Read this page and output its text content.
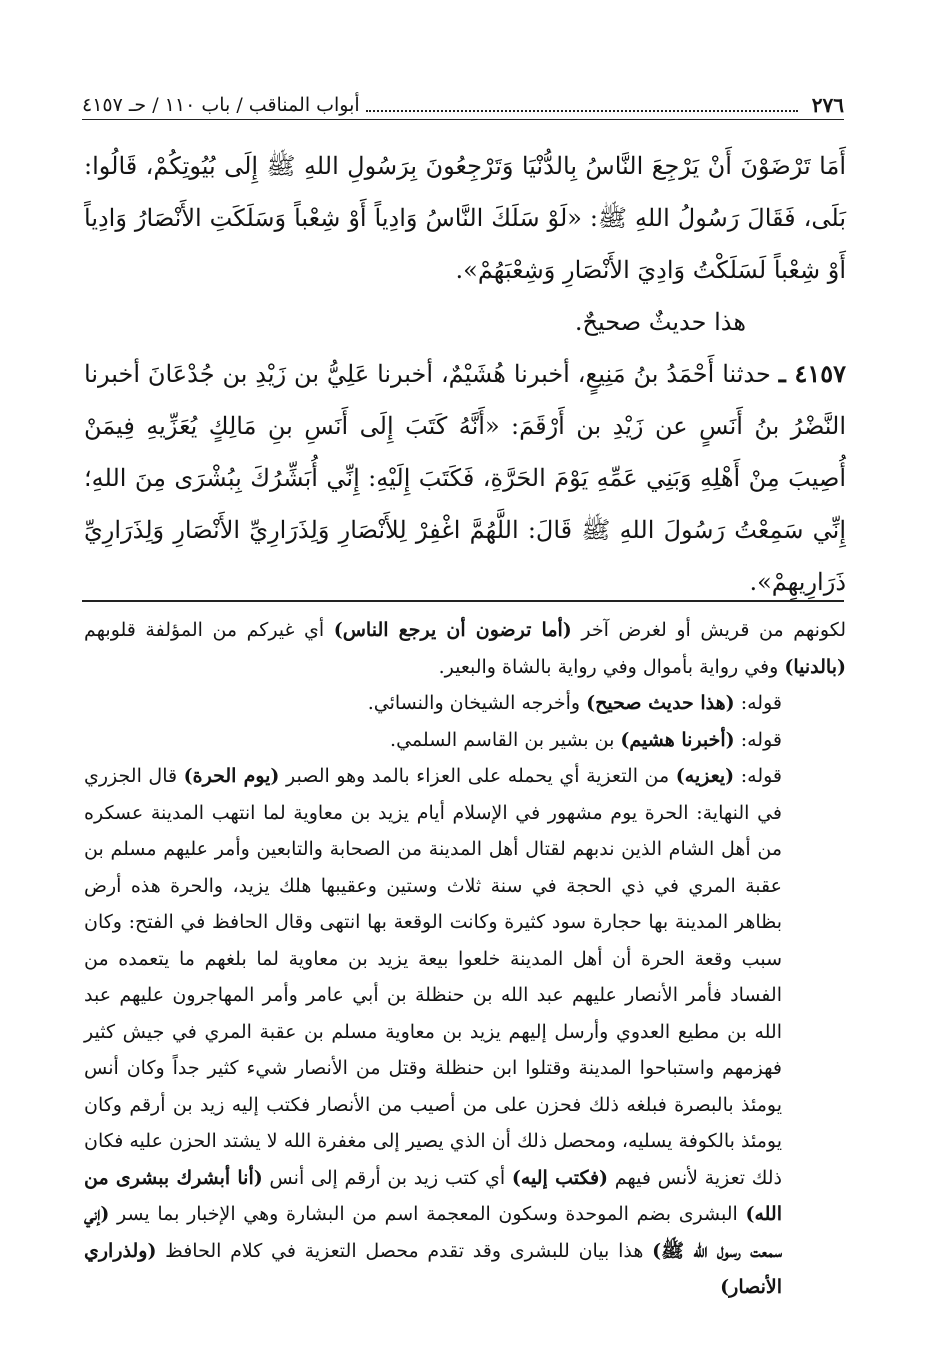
٢٧٦
أبواب المناقب / باب ١١٠ / حـ ٤١٥٧

أَمَا تَرْضَوْنَ أَنْ يَرْجِعَ النَّاسُ بِالدُّنْيَا وَتَرْجِعُونَ بِرَسُولِ اللهِ ﷺ إِلَى بُيُوتِكُمْ، قَالُوا: بَلَى، فَقَالَ رَسُولُ اللهِ ﷺ: «لَوْ سَلَكَ النَّاسُ وَادِياً أَوْ شِعْباً وَسَلَكَتِ الأَنْصَارُ وَادِياً أَوْ شِعْباً لَسَلَكْتُ وَادِيَ الأَنْصَارِ وَشِعْبَهُمْ».

هذا حديثٌ صحيحٌ.

٤١٥٧ ـ حدثنا أَحْمَدُ بنُ مَنِيعٍ، أخبرنا هُشَيْمٌ، أخبرنا عَلِيُّ بن زَيْدِ بن جُدْعَانَ أخبرنا النَّضْرُ بنُ أَنَسٍ عن زَيْدِ بن أَرْقَمَ: «أَنَّهُ كَتَبَ إِلَى أَنَسِ بنِ مَالِكٍ يُعَزِّيهِ فِيمَنْ أُصِيبَ مِنْ أَهْلِهِ وَبَنِي عَمِّهِ يَوْمَ الحَرَّةِ، فَكَتَبَ إِلَيْهِ: إِنِّي أُبَشِّرُكَ بِبُشْرَى مِنَ اللهِ؛ إِنِّي سَمِعْتُ رَسُولَ اللهِ ﷺ قَالَ: اللَّهُمَّ اغْفِرْ لِلأَنْصَارِ وَلِذَرَارِيِّ الأَنْصَارِ وَلِذَرَارِيِّ ذَرَارِيهِمْ».

لكونهم من قريش أو لغرض آخر (أما ترضون أن يرجع الناس) أي غيركم من المؤلفة قلوبهم (بالدنيا) وفي رواية بأموال وفي رواية بالشاة والبعير.

قوله: (هذا حديث صحيح) وأخرجه الشيخان والنسائي.

قوله: (أخبرنا هشيم) بن بشير بن القاسم السلمي.

قوله: (يعزيه) من التعزية أي يحمله على العزاء بالمد وهو الصبر (يوم الحرة) قال الجزري في النهاية: الحرة يوم مشهور في الإسلام أيام يزيد بن معاوية لما انتهب المدينة عسكره من أهل الشام الذين ندبهم لقتال أهل المدينة من الصحابة والتابعين وأمر عليهم مسلم بن عقبة المري في ذي الحجة في سنة ثلاث وستين وعقيبها هلك يزيد، والحرة هذه أرض بظاهر المدينة بها حجارة سود كثيرة وكانت الوقعة بها انتهى وقال الحافظ في الفتح: وكان سبب وقعة الحرة أن أهل المدينة خلعوا بيعة يزيد بن معاوية لما بلغهم ما يتعمده من الفساد فأمر الأنصار عليهم عبد الله بن حنظلة بن أبي عامر وأمر المهاجرون عليهم عبد الله بن مطيع العدوي وأرسل إليهم يزيد بن معاوية مسلم بن عقبة المري في جيش كثير فهزمهم واستباحوا المدينة وقتلوا ابن حنظلة وقتل من الأنصار شيء كثير جداً وكان أنس يومئذ بالبصرة فبلغه ذلك فحزن على من أصيب من الأنصار فكتب إليه زيد بن أرقم وكان يومئذ بالكوفة يسليه، ومحصل ذلك أن الذي يصير إلى مغفرة الله لا يشتد الحزن عليه فكان ذلك تعزية لأنس فيهم (فكتب إليه) أي كتب زيد بن أرقم إلى أنس (أنا أبشرك ببشرى من الله) البشرى بضم الموحدة وسكون المعجمة اسم من البشارة وهي الإخبار بما يسر (إني سمعت رسول الله ﷺ) هذا بيان للبشرى وقد تقدم محصل التعزية في كلام الحافظ (ولذراري الأنصار)
